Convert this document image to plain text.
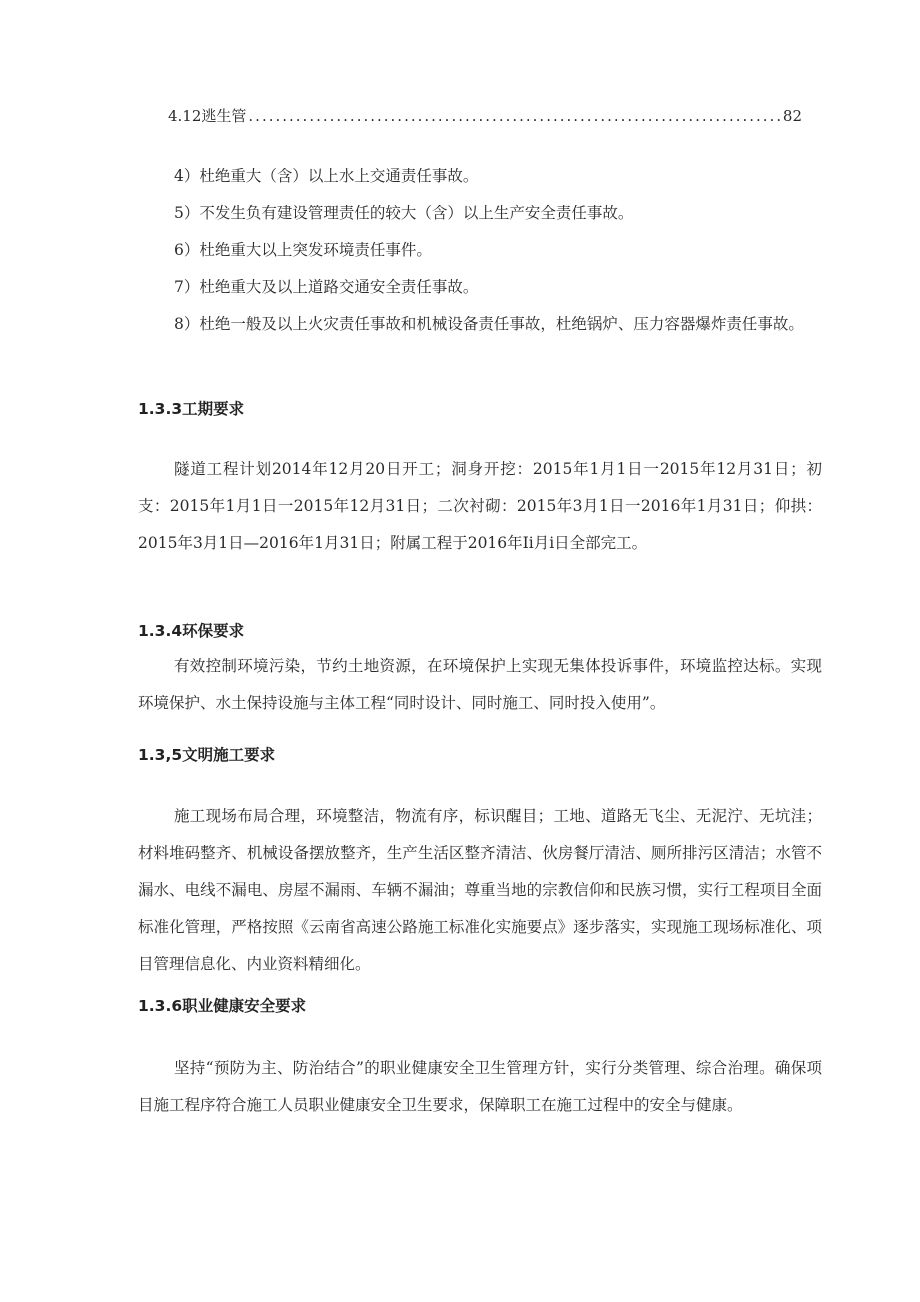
4.12逃生管
.....	82

4）杜绝重大（含）以上水上交通责任事故。

5）不发生负有建设管理责任的较大（含）以上生产安全责任事故。

6）杜绝重大以上突发环境责任事件。

7）杜绝重大及以上道路交通安全责任事故。

8）杜绝一般及以上火灾责任事故和机械设备责任事故，杜绝锅炉、压力容器爆炸责任事故。

1.3.3工期要求

隧道工程计划2014年12月20日开工；洞身开挖：2015年1月1日一2015年12月31日；初支：2015年1月1日一2015年12月31日；二次衬砌：2015年3月1日一2016年1月31日；仰拱：2015年3月1日—2016年1月31日；附属工程于2016年Ii月i日全部完工。

1.3.4环保要求

有效控制环境污染，节约土地资源，在环境保护上实现无集体投诉事件，环境监控达标。实现环境保护、水土保持设施与主体工程“同时设计、同时施工、同时投入使用”。

1.3,5文明施工要求

施工现场布局合理，环境整洁，物流有序，标识醒目；工地、道路无飞尘、无泥泞、无坑洼；材料堆码整齐、机械设备摆放整齐，生产生活区整齐清洁、伙房餐厅清洁、厕所排污区清洁；水管不漏水、电线不漏电、房屋不漏雨、车辆不漏油；尊重当地的宗教信仰和民族习惯，实行工程项目全面标准化管理，严格按照《云南省高速公路施工标准化实施要点》逐步落实，实现施工现场标准化、项目管理信息化、内业资料精细化。

1.3.6职业健康安全要求

坚持“预防为主、防治结合”的职业健康安全卫生管理方针，实行分类管理、综合治理。确保项目施工程序符合施工人员职业健康安全卫生要求，保障职工在施工过程中的安全与健康。
